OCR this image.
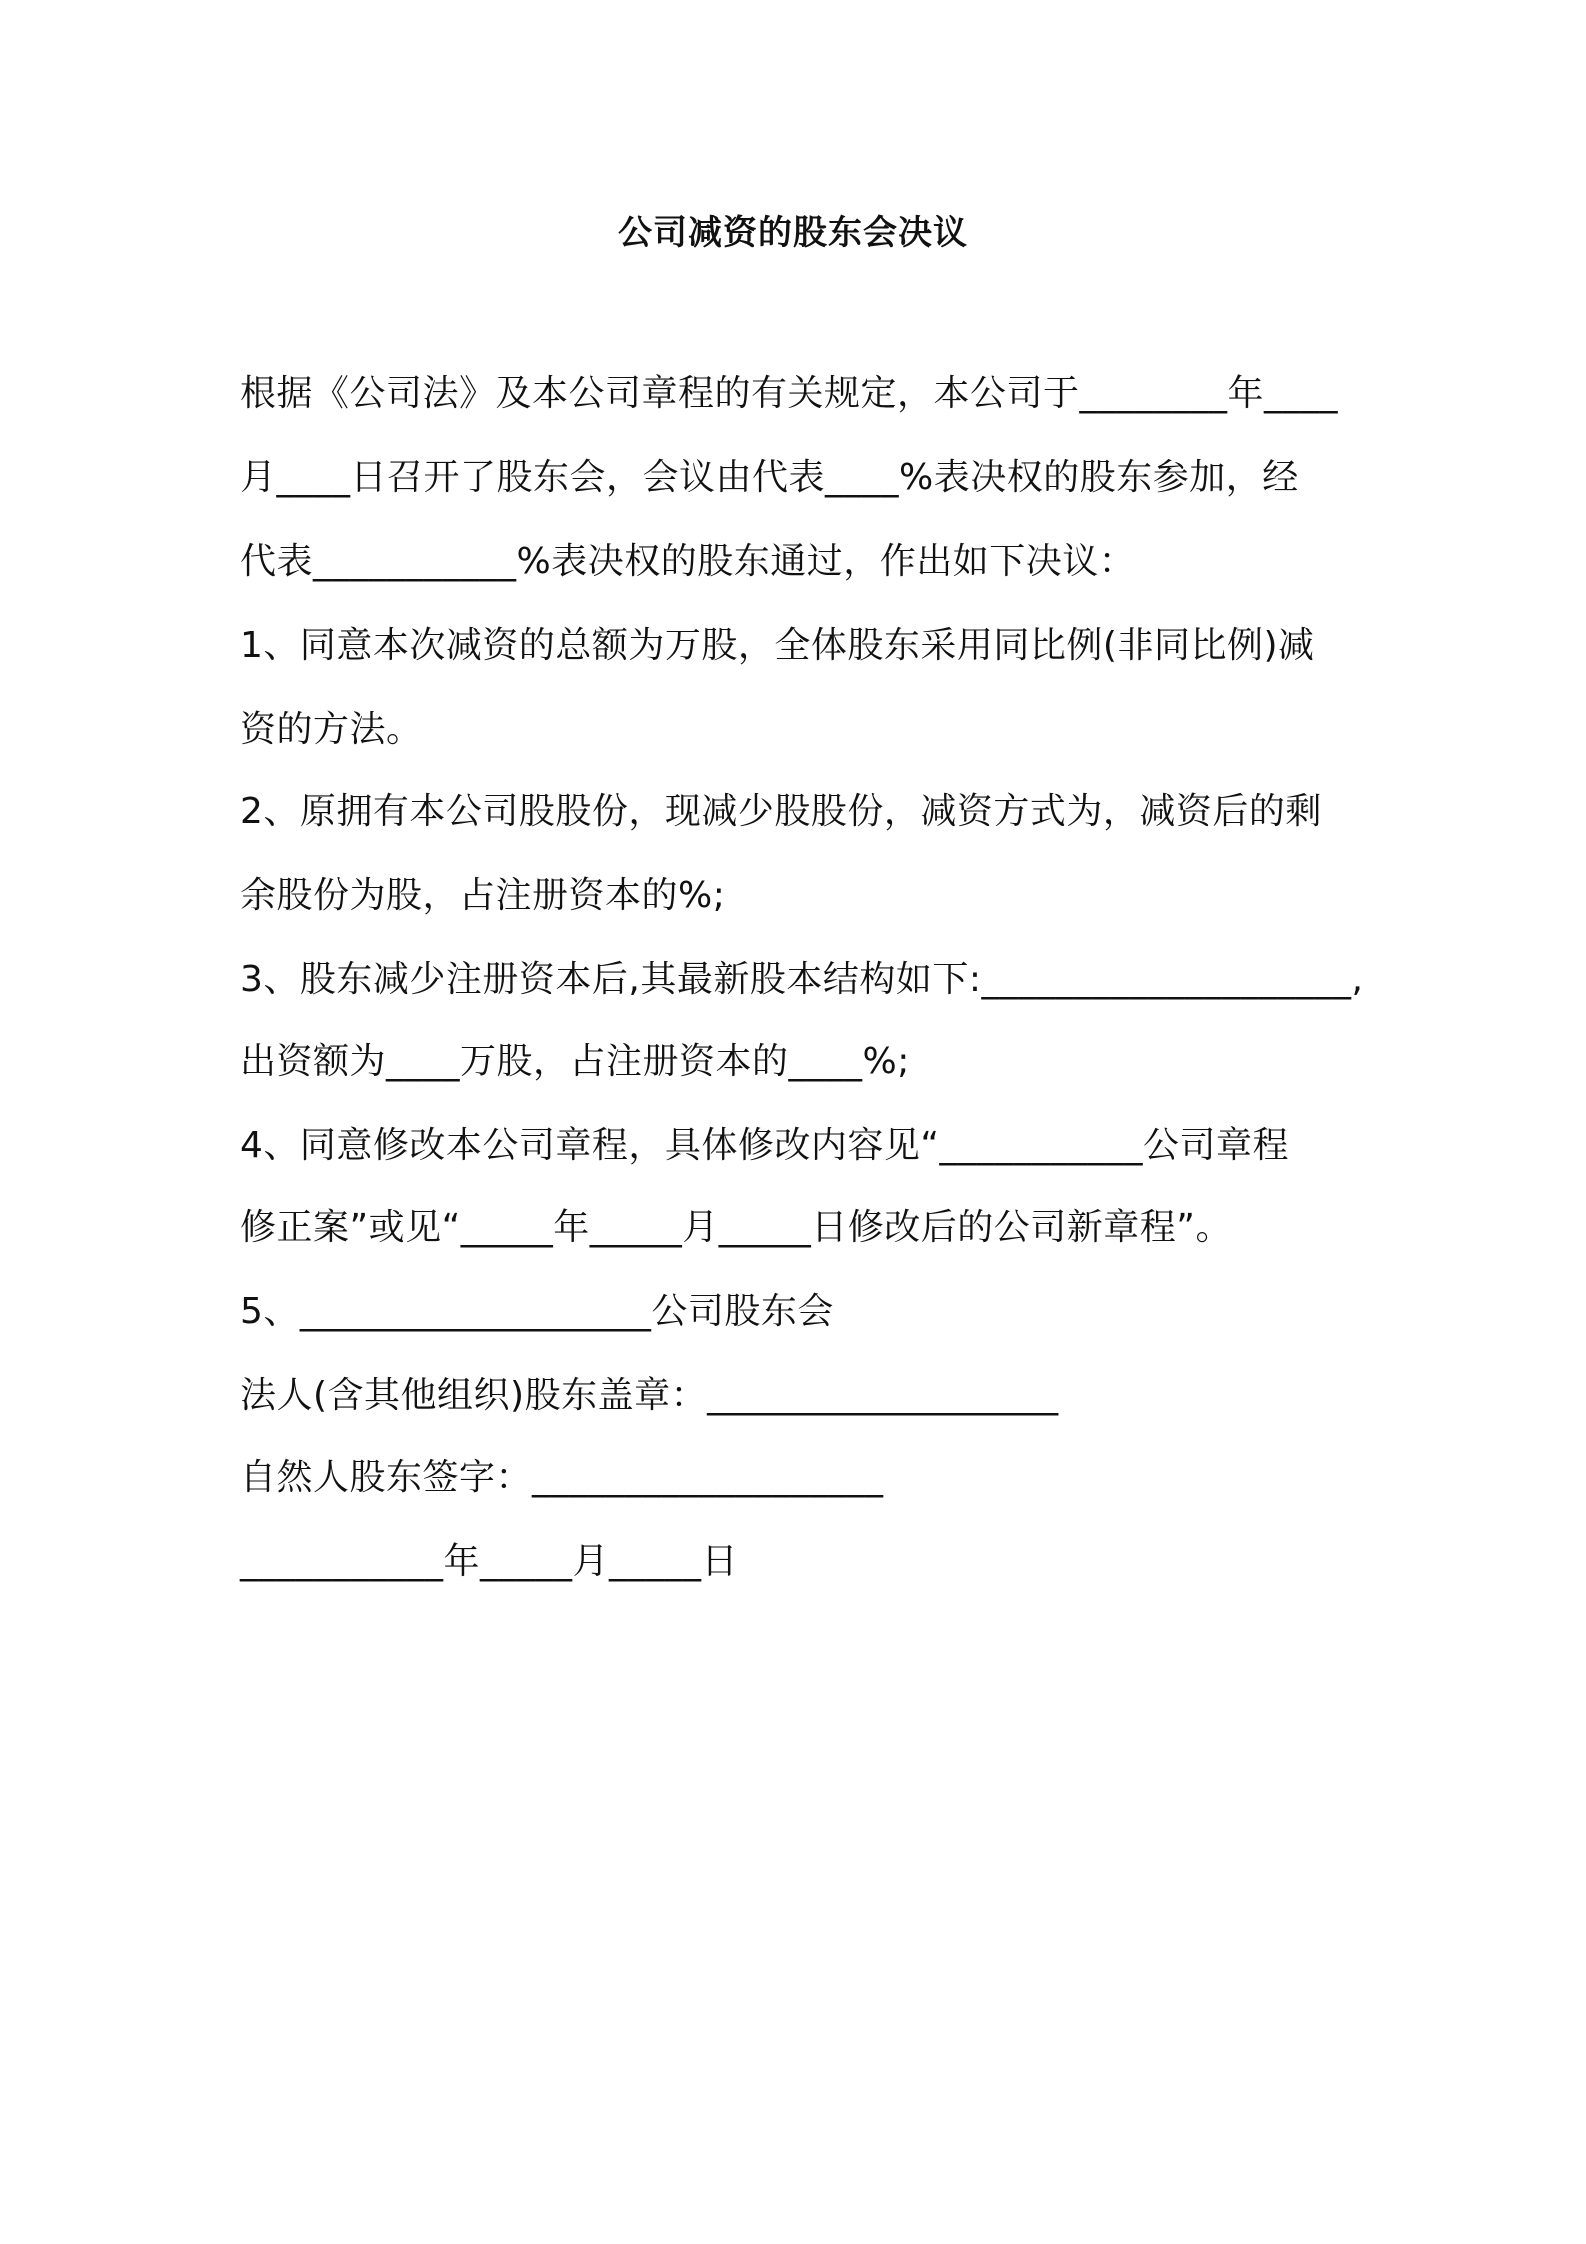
公司减资的股东会决议
根据《公司法》及本公司章程的有关规定，本公司于________年____
月____日召开了股东会，会议由代表____%表决权的股东参加，经
代表___________%表决权的股东通过，作出如下决议：
1、同意本次减资的总额为万股，全体股东采用同比例(非同比例)减
资的方法。
2、原拥有本公司股股份，现减少股股份，减资方式为，减资后的剩
余股份为股，占注册资本的%;
3、股东减少注册资本后,其最新股本结构如下:____________________,
出资额为____万股，占注册资本的____%;
4、同意修改本公司章程，具体修改内容见“___________公司章程
修正案”或见“_____年_____月_____日修改后的公司新章程”。
5、___________________公司股东会
法人(含其他组织)股东盖章：___________________
自然人股东签字：___________________
___________年_____月_____日
